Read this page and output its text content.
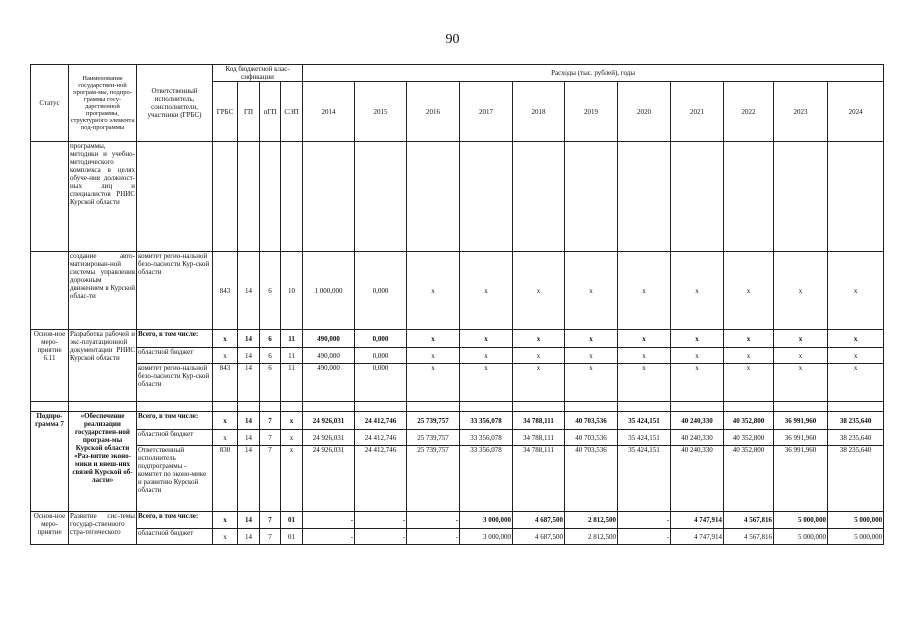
90
Статус	Наименование государствен-ной програм-мы, подпро-граммы госу-дарственной программы, структурного элемента под-программы	Ответственный исполнитель, соисполнители, участники (ГРБС)	Код бюджетной клас-сификации				Расходы (тыс. рублей), годы										
			ГРБС	ГП	пГП	СЭП	2014	2015	2016	2017	2018	2019	2020	2021	2022	2023	2024
	программы, методики и учебно-методического комплекса в целях обуче-ния должност-ных лиц и специалистов РНИС Курской области																
	создание авто-матизирован-ной системы управления дорожным движением в Курской облас-ти	комитет регио-нальной безо-пасности Кур-ской области	843	14	6	10	1 000,000	0,000	x	x	x	x	x	x	x	x	x
Основ-ное меро-приятие 6.11	Разработка рабочей и экс-плуатационной документации РНИС Курской области	Всего, в том числе:	x	14	6	11	490,000	0,000	x	x	x	x	x	x	x	x	x
		областной бюджет	x	14	6	11	490,000	0,000	x	x	x	x	x	x	x	x	x
		комитет регио-нальной безо-пасности Кур-ской области	843	14	6	11	490,000	0,000	x	x	x	x	x	x	x	x	x

Подпро-грамма 7	«Обеспечение реализации государствен-ной програм-мы Курской области «Раз-витие эконо-мики и внеш-них связей Курской об-ласти»	Всего, в том числе:	x	14	7	x	24 926,031	24 412,746	25 739,757	33 356,078	34 788,111	40 703,536	35 424,151	40 240,330	40 352,800	36 991,960	38 235,640
		областной бюджет	x	14	7	x	24 926,031	24 412,746	25 739,757	33 356,078	34 788,111	40 703,536	35 424,151	40 240,330	40 352,800	36 991,960	38 235,640
		Ответственный исполнитель подпрограммы - комитет по эконо-мике и развитию Курской области	830	14	7	x	24 926,031	24 412,746	25 739,757	33 356,078	34 788,111	40 703,536	35 424,151	40 240,330	40 352,800	36 991,960	38 235,640
Основ-ное меро-приятие	Развитие сис-темы государ-ственного стра-тегического	Всего, в том числе:	x	14	7	01	-	-	-	3 000,000	4 687,500	2 812,500	-	4 747,914	4 567,816	5 000,000	5 000,000
		областной бюджет	x	14	7	01	-	-	-	3 000,000	4 687,500	2 812,500	-	4 747,914	4 567,816	5 000,000	5 000,000
